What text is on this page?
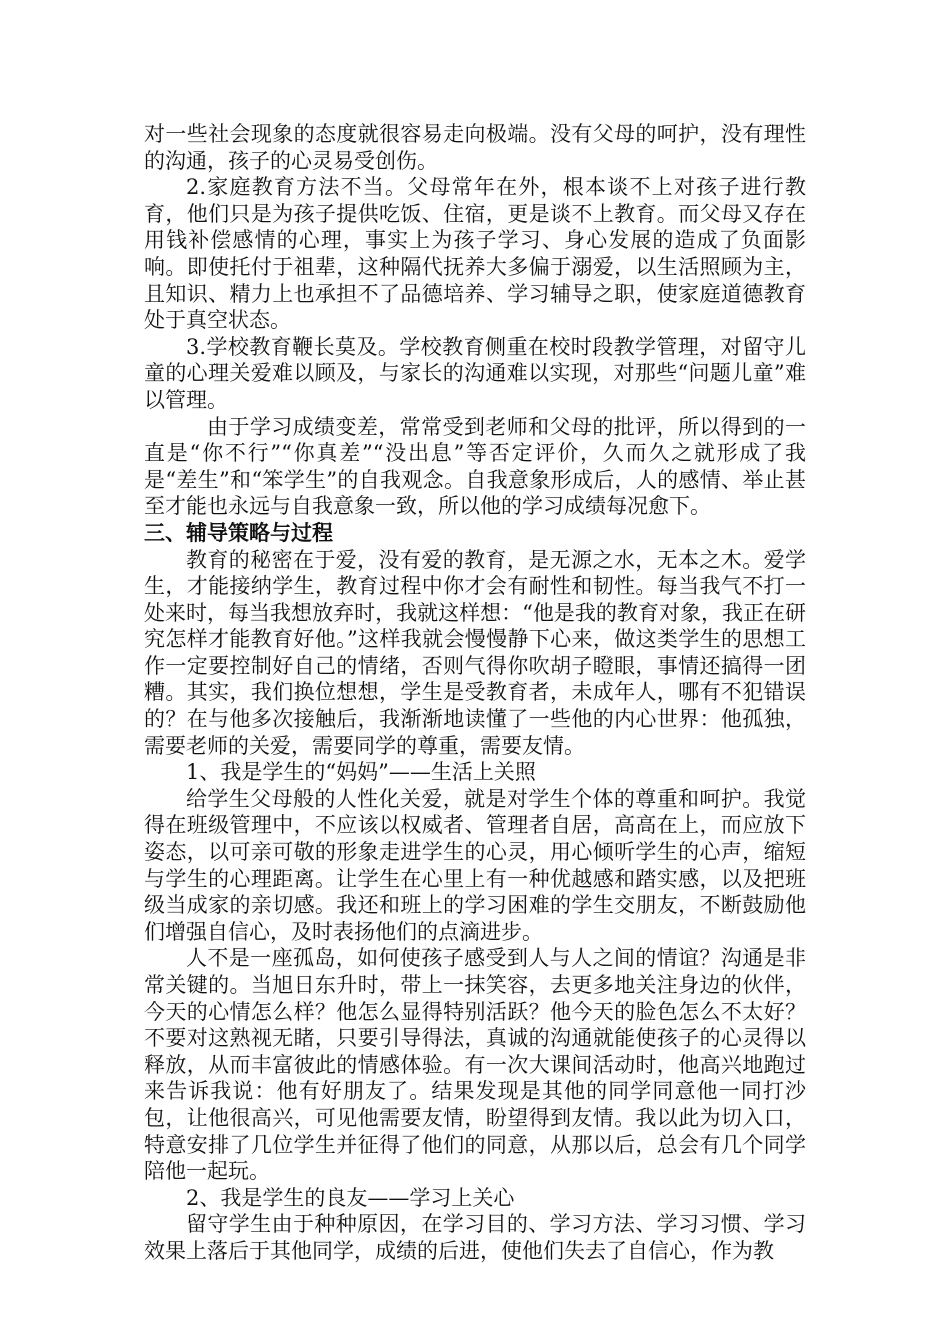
对一些社会现象的态度就很容易走向极端。没有父母的呵护，没有理性的沟通，孩子的心灵易受创伤。

2.家庭教育方法不当。父母常年在外，根本谈不上对孩子进行教育，他们只是为孩子提供吃饭、住宿，更是谈不上教育。而父母又存在用钱补偿感情的心理，事实上为孩子学习、身心发展的造成了负面影响。即使托付于祖辈，这种隔代抚养大多偏于溺爱，以生活照顾为主，且知识、精力上也承担不了品德培养、学习辅导之职，使家庭道德教育处于真空状态。

3.学校教育鞭长莫及。学校教育侧重在校时段教学管理，对留守儿童的心理关爱难以顾及，与家长的沟通难以实现，对那些“问题儿童”难以管理。

由于学习成绩变差，常常受到老师和父母的批评，所以得到的一直是“你不行”“你真差”“没出息”等否定评价，久而久之就形成了我是“差生”和“笨学生”的自我观念。自我意象形成后，人的感情、举止甚至才能也永远与自我意象一致，所以他的学习成绩每况愈下。

三、辅导策略与过程

教育的秘密在于爱，没有爱的教育，是无源之水，无本之木。爱学生，才能接纳学生，教育过程中你才会有耐性和韧性。每当我气不打一处来时，每当我想放弃时，我就这样想：“他是我的教育对象，我正在研究怎样才能教育好他。”这样我就会慢慢静下心来，做这类学生的思想工作一定要控制好自己的情绪，否则气得你吹胡子瞪眼，事情还搞得一团糟。其实，我们换位想想，学生是受教育者，未成年人，哪有不犯错误的？在与他多次接触后，我渐渐地读懂了一些他的内心世界：他孤独，需要老师的关爱，需要同学的尊重，需要友情。

1、我是学生的“妈妈”——生活上关照

给学生父母般的人性化关爱，就是对学生个体的尊重和呵护。我觉得在班级管理中，不应该以权威者、管理者自居，高高在上，而应放下姿态，以可亲可敬的形象走进学生的心灵，用心倾听学生的心声，缩短与学生的心理距离。让学生在心里上有一种优越感和踏实感，以及把班级当成家的亲切感。我还和班上的学习困难的学生交朋友，不断鼓励他们增强自信心，及时表扬他们的点滴进步。

人不是一座孤岛，如何使孩子感受到人与人之间的情谊？沟通是非常关键的。当旭日东升时，带上一抹笑容，去更多地关注身边的伙伴，今天的心情怎么样？他怎么显得特别活跃？他今天的脸色怎么不太好？不要对这熟视无睹，只要引导得法，真诚的沟通就能使孩子的心灵得以释放，从而丰富彼此的情感体验。有一次大课间活动时，他高兴地跑过来告诉我说：他有好朋友了。结果发现是其他的同学同意他一同打沙包，让他很高兴，可见他需要友情，盼望得到友情。我以此为切入口，特意安排了几位学生并征得了他们的同意，从那以后，总会有几个同学陪他一起玩。

2、我是学生的良友——学习上关心

留守学生由于种种原因，在学习目的、学习方法、学习习惯、学习效果上落后于其他同学，成绩的后进，使他们失去了自信心，作为教
